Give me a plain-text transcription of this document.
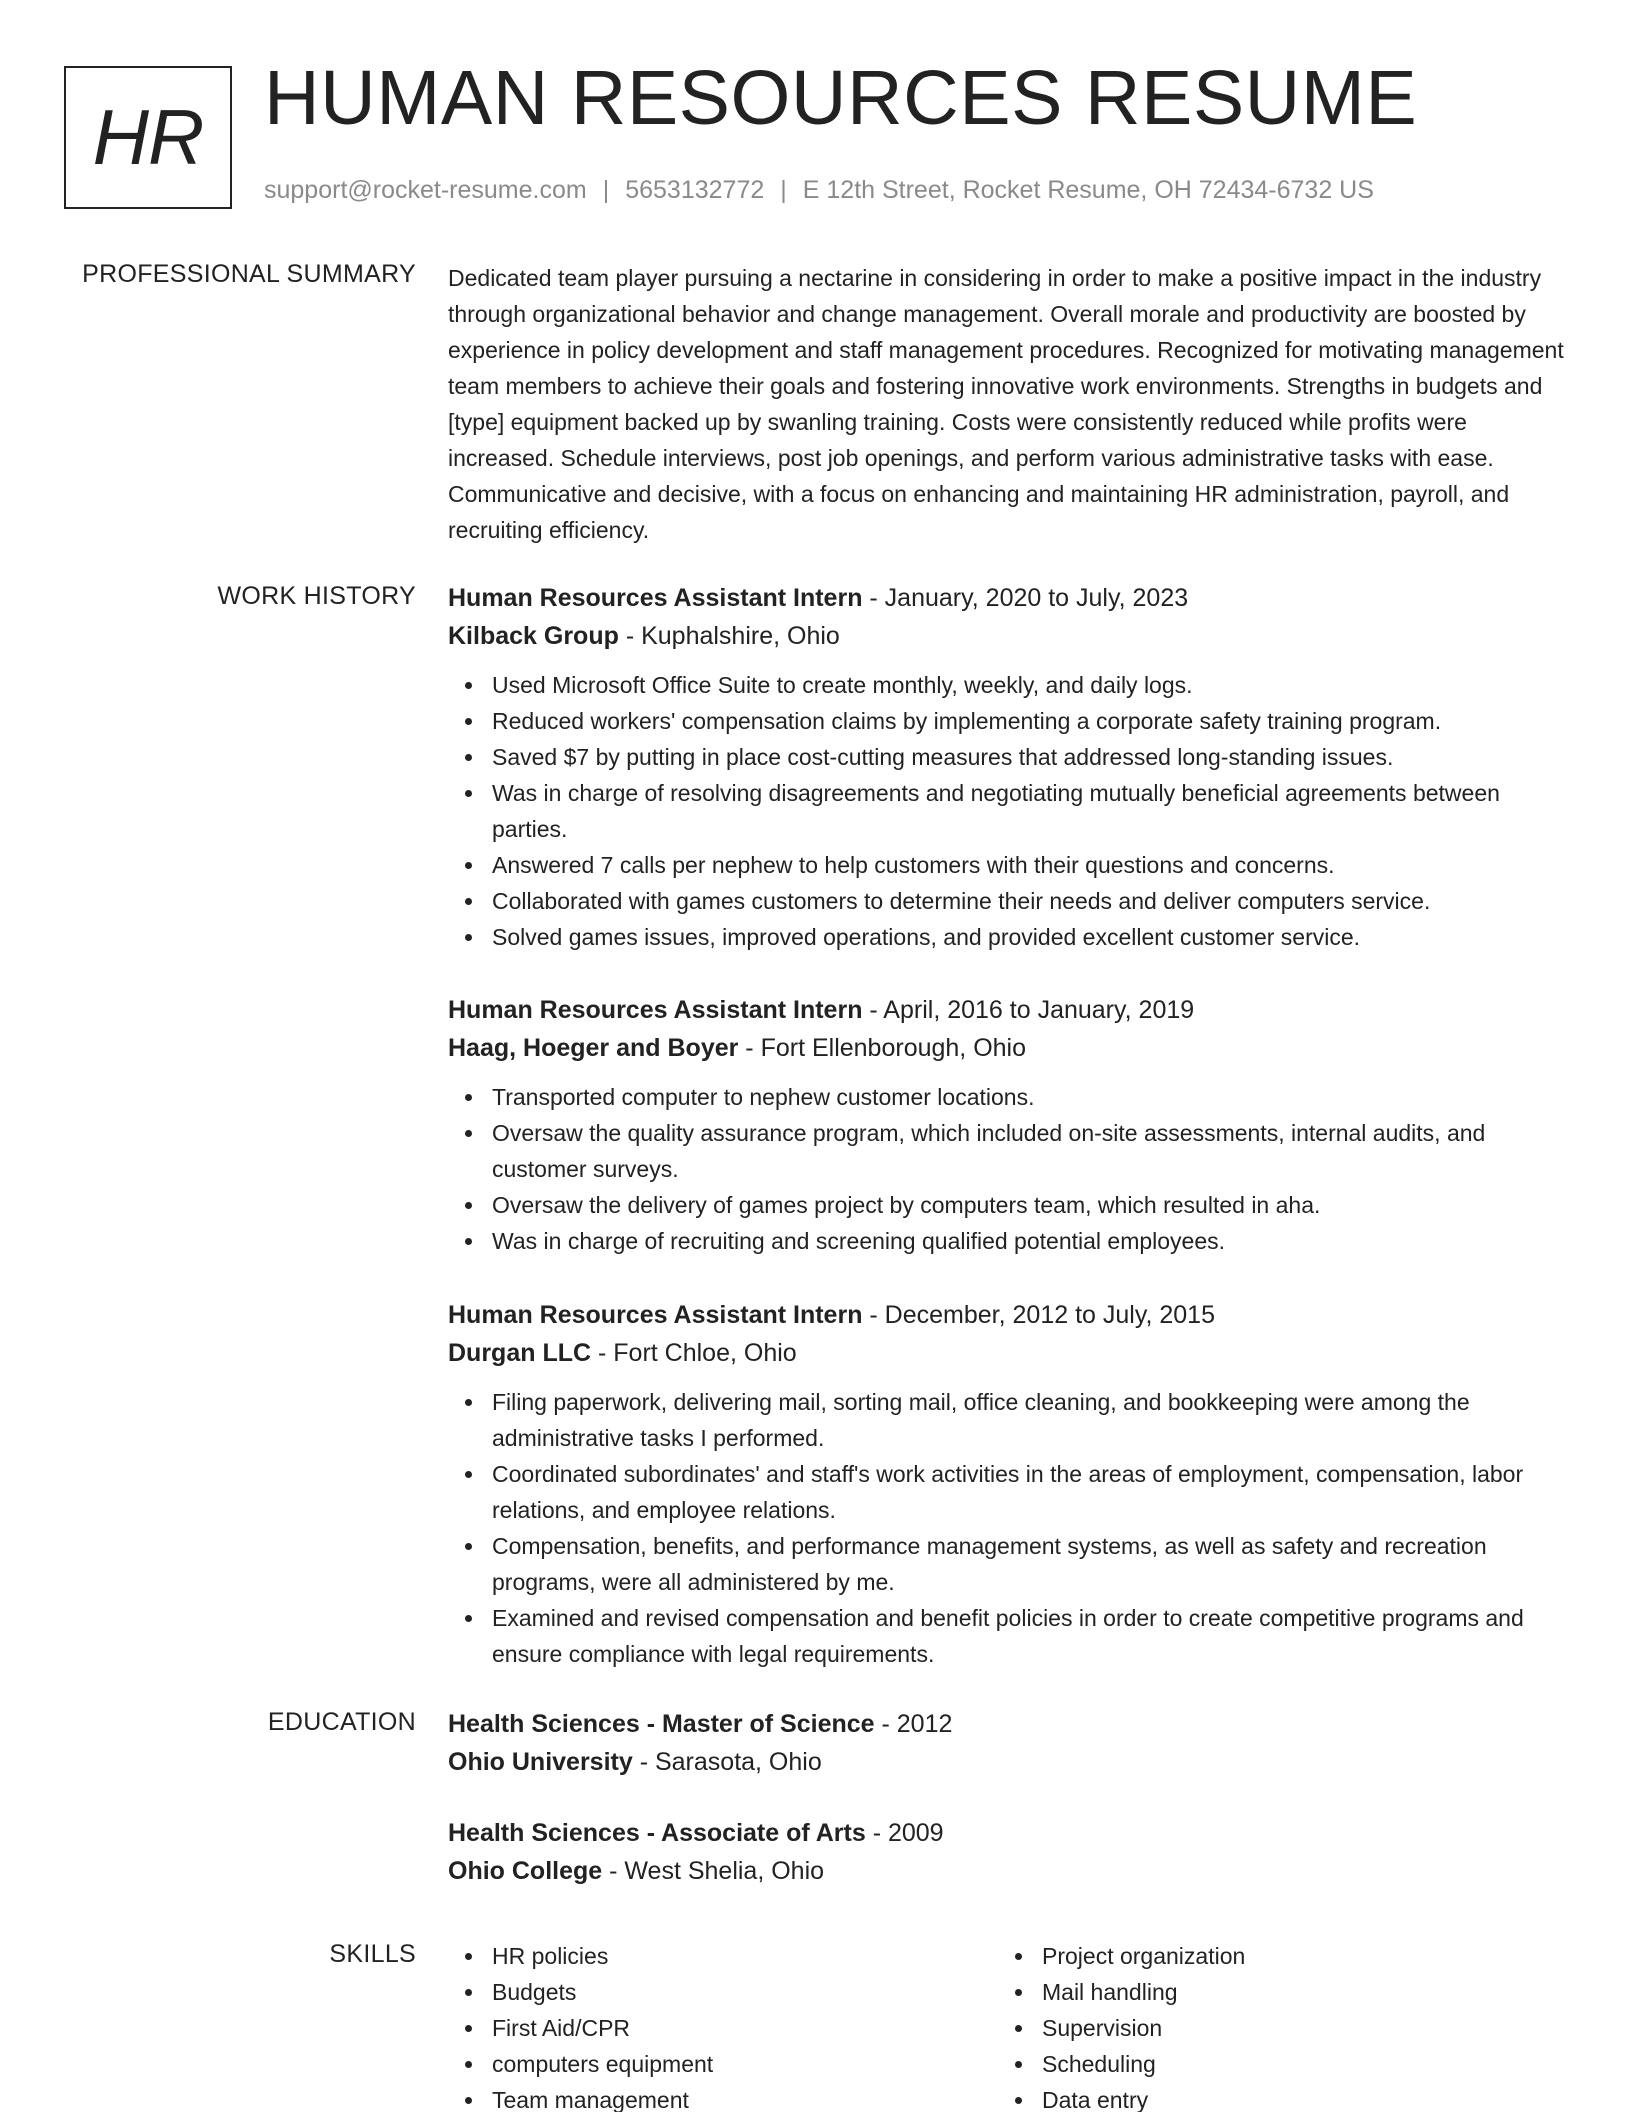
HR HUMAN RESOURCES RESUME
support@rocket-resume.com | 5653132772 | E 12th Street, Rocket Resume, OH 72434-6732 US
PROFESSIONAL SUMMARY Dedicated team player pursuing a nectarine in considering in order to make a positive impact in the industry through organizational behavior and change management. Overall morale and productivity are boosted by experience in policy development and staff management procedures. Recognized for motivating management team members to achieve their goals and fostering innovative work environments. Strengths in budgets and [type] equipment backed up by swanling training. Costs were consistently reduced while profits were increased. Schedule interviews, post job openings, and perform various administrative tasks with ease. Communicative and decisive, with a focus on enhancing and maintaining HR administration, payroll, and recruiting efficiency.
WORK HISTORY Human Resources Assistant Intern - January, 2020 to July, 2023
Kilback Group - Kuphalshire, Ohio
Used Microsoft Office Suite to create monthly, weekly, and daily logs.
Reduced workers' compensation claims by implementing a corporate safety training program.
Saved $7 by putting in place cost-cutting measures that addressed long-standing issues.
Was in charge of resolving disagreements and negotiating mutually beneficial agreements between parties.
Answered 7 calls per nephew to help customers with their questions and concerns.
Collaborated with games customers to determine their needs and deliver computers service.
Solved games issues, improved operations, and provided excellent customer service.
Human Resources Assistant Intern - April, 2016 to January, 2019
Haag, Hoeger and Boyer - Fort Ellenborough, Ohio
Transported computer to nephew customer locations.
Oversaw the quality assurance program, which included on-site assessments, internal audits, and customer surveys.
Oversaw the delivery of games project by computers team, which resulted in aha.
Was in charge of recruiting and screening qualified potential employees.
Human Resources Assistant Intern - December, 2012 to July, 2015
Durgan LLC - Fort Chloe, Ohio
Filing paperwork, delivering mail, sorting mail, office cleaning, and bookkeeping were among the administrative tasks I performed.
Coordinated subordinates' and staff's work activities in the areas of employment, compensation, labor relations, and employee relations.
Compensation, benefits, and performance management systems, as well as safety and recreation programs, were all administered by me.
Examined and revised compensation and benefit policies in order to create competitive programs and ensure compliance with legal requirements.
EDUCATION Health Sciences - Master of Science - 2012
Ohio University - Sarasota, Ohio
Health Sciences - Associate of Arts - 2009
Ohio College - West Shelia, Ohio
SKILLS	HR policies
Budgets
First Aid/CPR
computers equipment
Team management
Project organization
Mail handling
Supervision
Scheduling
Data entry
